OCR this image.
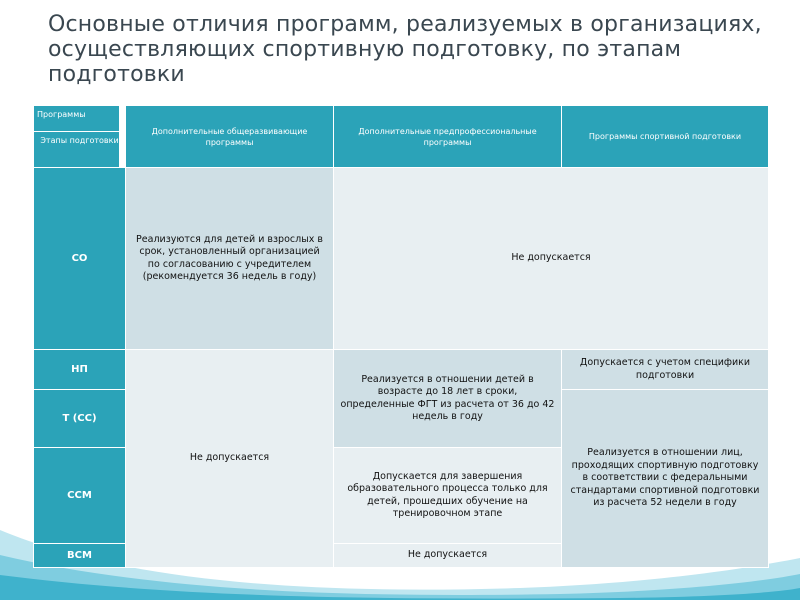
Основные отличия программ, реализуемых в организациях, осуществляющих спортивную подготовку, по этапам подготовки
Программы
Этапы подготовки	Дополнительные общеразвивающие программы	Дополнительные предпрофессиональные программы	Программы спортивной подготовки
СО	Реализуются для детей и взрослых в срок, установленный организацией по согласованию с учредителем (рекомендуется 36 недель в году)	Не допускается	
НП	Не допускается	Реализуется в отношении детей в возрасте до 18 лет в сроки, определенные ФГТ из расчета от 36 до 42 недель в году	Допускается с учетом специфики подготовки
Т (СС)			Реализуется в отношении лиц, проходящих спортивную подготовку в соответствии с федеральными стандартами спортивной подготовки из расчета 52 недели в году
ССМ		Допускается для завершения образовательного процесса только для детей, прошедших обучение на тренировочном этапе	
ВСМ		Не допускается	
